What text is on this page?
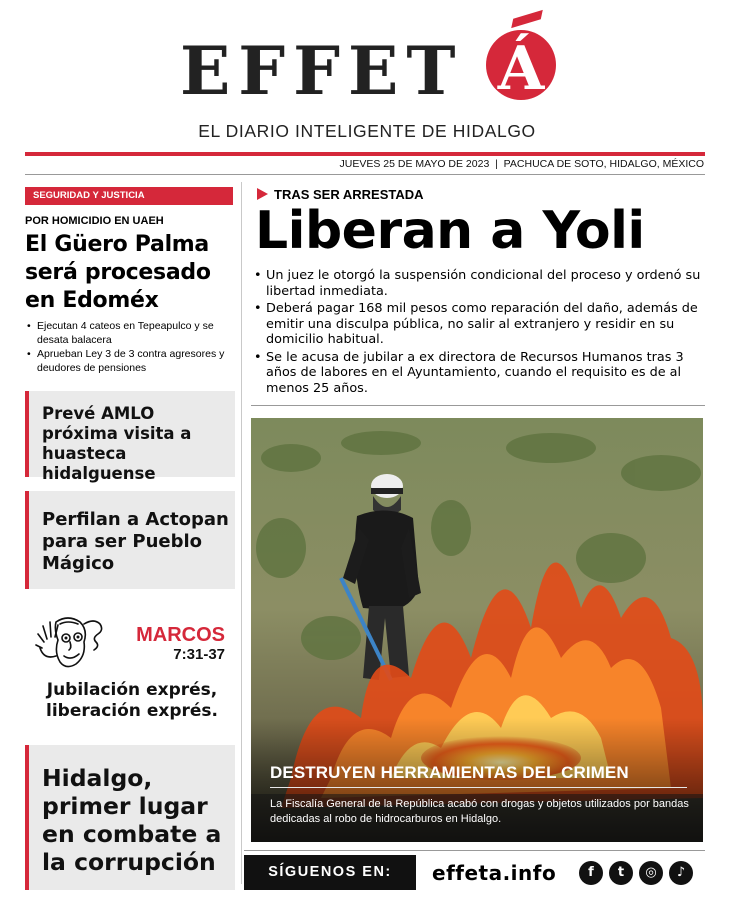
EFFET Á
EL DIARIO INTELIGENTE DE HIDALGO
JUEVES 25 DE MAYO DE 2023  |  PACHUCA DE SOTO, HIDALGO, MÉXICO
SEGURIDAD Y JUSTICIA
POR HOMICIDIO EN UAEH
El Güero Palma será procesado en Edoméx
• Ejecutan 4 cateos en Tepeapulco y se desata balacera
• Aprueban Ley 3 de 3 contra agresores y deudores de pensiones
Prevé AMLO próxima visita a huasteca hidalguense
Perfilan a Actopan para ser Pueblo Mágico
MARCOS
7:31-37
Jubilación exprés, liberación exprés.
Hidalgo, primer lugar en combate a la corrupción
TRAS SER ARRESTADA
Liberan a Yoli
• Un juez le otorgó la suspensión condicional del proceso y ordenó su libertad inmediata.
• Deberá pagar 168 mil pesos como reparación del daño, además de emitir una disculpa pública, no salir al extranjero y residir en su domicilio habitual.
• Se le acusa de jubilar a ex directora de Recursos Humanos tras 3 años de labores en el Ayuntamiento, cuando el requisito es de al menos 25 años.
DESTRUYEN HERRAMIENTAS DEL CRIMEN
La Fiscalía General de la República acabó con drogas y objetos utilizados por bandas dedicadas al robo de hidrocarburos en Hidalgo.
SÍGUENOS EN:	effeta.info	f	t	◎	♪
